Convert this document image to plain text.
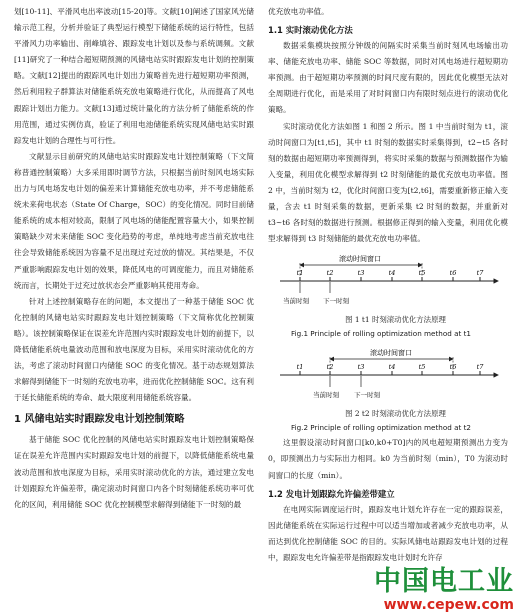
划[10-11]、平滑风电出率波动[15-20]等。文献[10]阐述了国家风光储输示范工程，分析并验证了典型运行模型下储能系统的运行特性，包括平滑风力功率输出、削峰填谷、跟踪发电计划以及参与系统调频。文献[11]研究了一种结合超短期预测的风储电站实时跟踪发电计划的控制策略。文献[12]提出的跟踪风电计划出力策略首先进行超短期功率预测，然后利用粒子群算法对储能系统充放电策略进行优化，从而提高了风电跟踪计划出力能力。文献[13]通过统计量化的方法分析了储能系统的作用范围，通过实例仿真，验证了利用电池储能系统实现风储电站实时跟踪发电计划的合理性与可行性。

文献显示目前研究的风储电站实时跟踪发电计划控制策略（下文简称普通控制策略）大多采用即时调节方法，只根据当前时刻风电场实际出力与风电场发电计划的偏差来计算储能充放电功率，并不考虑储能系统未来荷电状态（State Of Charge，SOC）的变化情况。同时目前储能系统的成本相对较高，限制了风电场的储能配置容量大小，如果控制策略缺少对未来储能 SOC 变化趋势的考虑，单纯地考虑当前充放电往往会导致储能系统因为容量不足出现过充过放的情况。其结果是，不仅严重影响跟踪发电计划的效果，降低风电的可调度能力，而且对储能系统而言，长期处于过充过放状态会严重影响其使用寿命。

针对上述控制策略存在的问题，本文提出了一种基于储能 SOC 优化控制的风储电站实时跟踪发电计划控制策略（下文简称优化控制策略）。该控制策略保证在误差允许范围内实时跟踪发电计划的前提下，以降低储能系统电量波动范围和放电深度为目标，采用实时滚动优化的方法，考虑了滚动时间窗口内储能 SOC 的变化情况。基于动态规划算法求解得到储能下一时刻的充放电功率，进而优化控制储能 SOC。这有利于延长储能系统的寿命、最大限度利用储能系统容量。

1 风储电站实时跟踪发电计划控制策略

基于储能 SOC 优化控制的风储电站实时跟踪发电计划控制策略保证在误差允许范围内实时跟踪发电计划的前提下，以降低储能系统电量波动范围和放电深度为目标，采用实时滚动优化的方法，通过建立发电计划跟踪允许偏差带，确定滚动时间窗口内各个时刻储能系统功率可优化的区间，利用储能 SOC 优化控制模型求解得到储能下一时刻的最

优充放电功率值。

1.1 实时滚动优化方法

数据采集模块按照分钟级的间隔实时采集当前时刻风电场输出功率、储能充放电功率、储能 SOC 等数据，同时对风电场进行超短期功率预测。由于超短期功率预测的时间尺度有限的，因此优化模型无法对全周期进行优化，而是采用了对时间窗口内有限时刻点进行的滚动优化策略。

实时滚动优化方法如图 1 和图 2 所示。图 1 中当前时刻为 t1，滚动时间窗口为[t1,t5]，其中 t1 时刻的数据实时采集得到，t2~t5 各时刻的数据由超短期功率预测得到，将实时采集的数据与预测数据作为输入变量，利用优化模型求解得到 t2 时刻储能的最优充放电功率值。图 2 中，当前时刻为 t2，优化时间窗口变为[t2,t6]，需要重新修正输入变量，含去 t1 时刻采集的数据，更新采集 t2 时刻的数据，并重新对 t3~t6 各时刻的数据进行预测。根据修正得到的输入变量，利用优化模型求解得到 t3 时刻储能的最优充放电功率值。

滚动时间窗口
t1	t2	t3	t4	t5	t6	t7
当前时刻 下一时刻

图 1 t1 时刻滚动优化方法原理

Fig.1 Principle of rolling optimization method at t1

滚动时间窗口
t1	t2	t3	t4	t5	t6	t7
当前时刻 下一时刻

图 2 t2 时刻滚动优化方法原理

Fig.2 Principle of rolling optimization method at t2

这里假设滚动时间窗口[k0,k0+T0]内的风电超短期预测出力变为 0，即预测出力与实际出力相同。k0 为当前时刻（min），T0 为滚动时间窗口的长度（min）。

1.2 发电计划跟踪允许偏差带建立

在电网实际调度运行时，跟踪发电计划允许存在一定的跟踪误差，因此储能系统在实际运行过程中可以适当增加或者减少充放电功率，从而达到优化控制储能 SOC 的目的。实际风储电站跟踪发电计划的过程中，跟踪发电允许偏差带是指跟踪发电计划时允许存

中国电工业
www.cepew.com
